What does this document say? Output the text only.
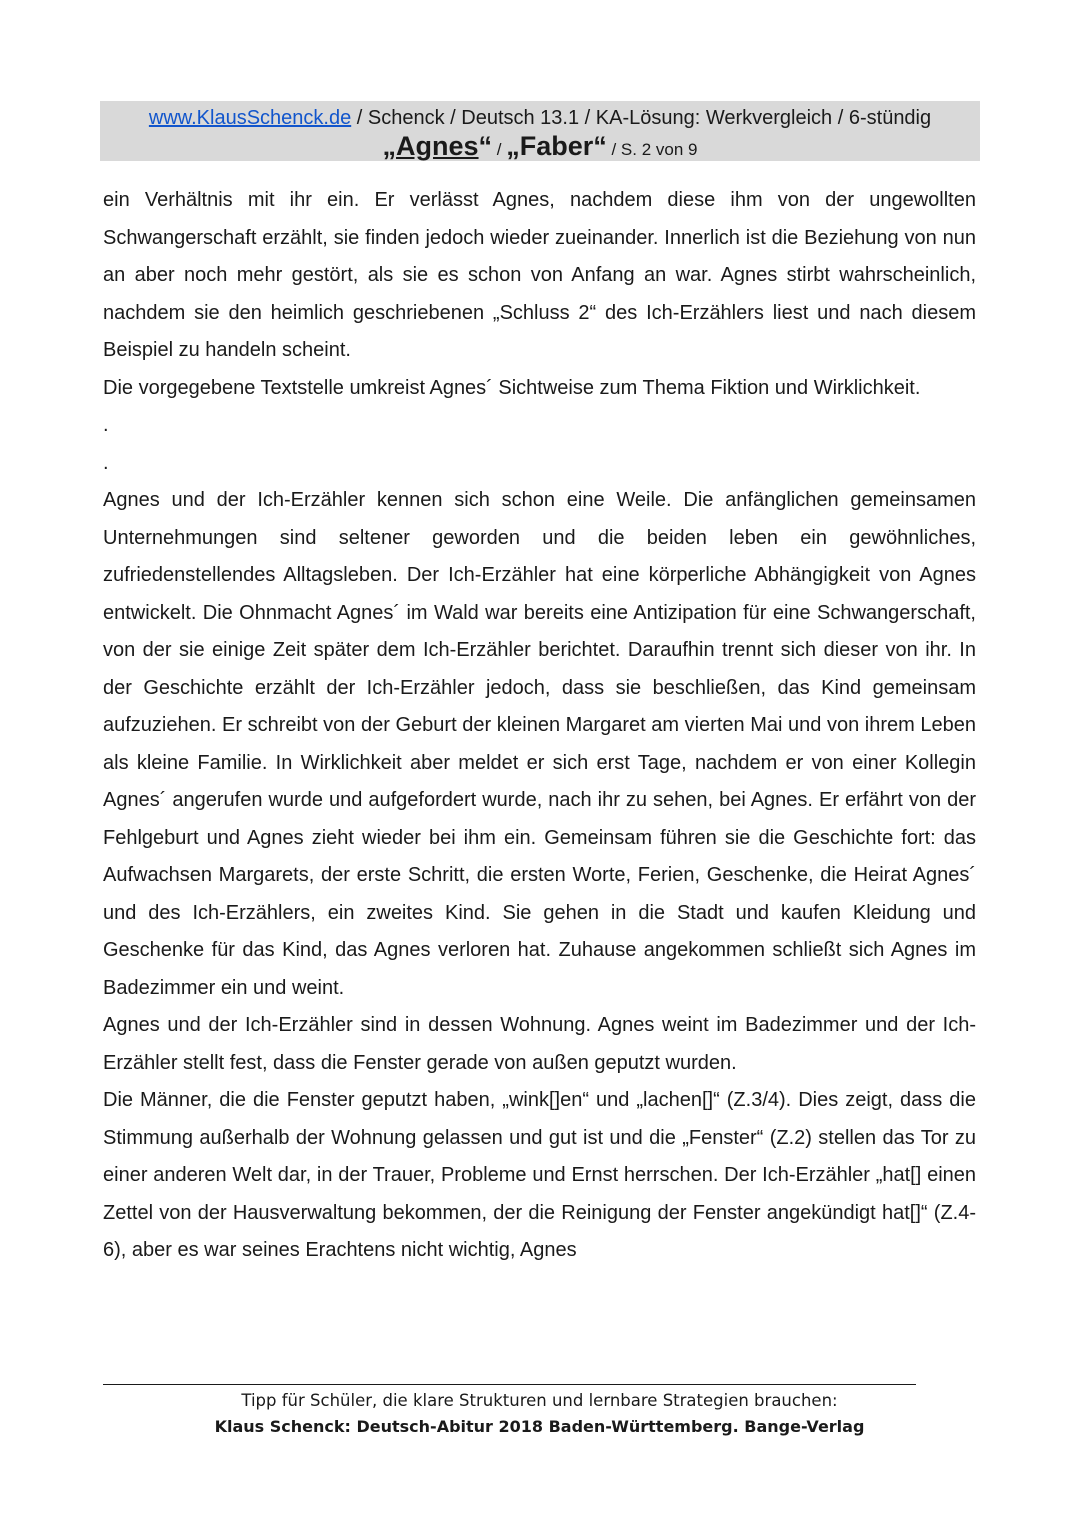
www.KlausSchenck.de / Schenck / Deutsch 13.1 / KA-Lösung: Werkvergleich / 6-stündig
„Agnes“ / „Faber“ / S. 2 von 9

ein Verhältnis mit ihr ein. Er verlässt Agnes, nachdem diese ihm von der ungewollten Schwangerschaft erzählt, sie finden jedoch wieder zueinander. Innerlich ist die Beziehung von nun an aber noch mehr gestört, als sie es schon von Anfang an war. Agnes stirbt wahrscheinlich, nachdem sie den heimlich geschriebenen „Schluss 2“ des Ich-Erzählers liest und nach diesem Beispiel zu handeln scheint.

Die vorgegebene Textstelle umkreist Agnes´ Sichtweise zum Thema Fiktion und Wirklichkeit.

.

.

Agnes und der Ich-Erzähler kennen sich schon eine Weile. Die anfänglichen gemeinsamen Unternehmungen sind seltener geworden und die beiden leben ein gewöhnliches, zufriedenstellendes Alltagsleben. Der Ich-Erzähler hat eine körperliche Abhängigkeit von Agnes entwickelt. Die Ohnmacht Agnes´ im Wald war bereits eine Antizipation für eine Schwangerschaft, von der sie einige Zeit später dem Ich-Erzähler berichtet. Daraufhin trennt sich dieser von ihr. In der Geschichte erzählt der Ich-Erzähler jedoch, dass sie beschließen, das Kind gemeinsam aufzuziehen. Er schreibt von der Geburt der kleinen Margaret am vierten Mai und von ihrem Leben als kleine Familie. In Wirklichkeit aber meldet er sich erst Tage, nachdem er von einer Kollegin Agnes´ angerufen wurde und aufgefordert wurde, nach ihr zu sehen, bei Agnes. Er erfährt von der Fehlgeburt und Agnes zieht wieder bei ihm ein. Gemeinsam führen sie die Geschichte fort: das Aufwachsen Margarets, der erste Schritt, die ersten Worte, Ferien, Geschenke, die Heirat Agnes´ und des Ich-Erzählers, ein zweites Kind. Sie gehen in die Stadt und kaufen Kleidung und Geschenke für das Kind, das Agnes verloren hat. Zuhause angekommen schließt sich Agnes im Badezimmer ein und weint.

Agnes und der Ich-Erzähler sind in dessen Wohnung. Agnes weint im Badezimmer und der Ich-Erzähler stellt fest, dass die Fenster gerade von außen geputzt wurden.

Die Männer, die die Fenster geputzt haben, „wink[]en“ und „lachen[]“ (Z.3/4). Dies zeigt, dass die Stimmung außerhalb der Wohnung gelassen und gut ist und die „Fenster“ (Z.2) stellen das Tor zu einer anderen Welt dar, in der Trauer, Probleme und Ernst herrschen. Der Ich-Erzähler „hat[] einen Zettel von der Hausverwaltung bekommen, der die Reinigung der Fenster angekündigt hat[]“ (Z.4-6), aber es war seines Erachtens nicht wichtig, Agnes

Tipp für Schüler, die klare Strukturen und lernbare Strategien brauchen:
Klaus Schenck: Deutsch-Abitur 2018 Baden-Württemberg. Bange-Verlag
